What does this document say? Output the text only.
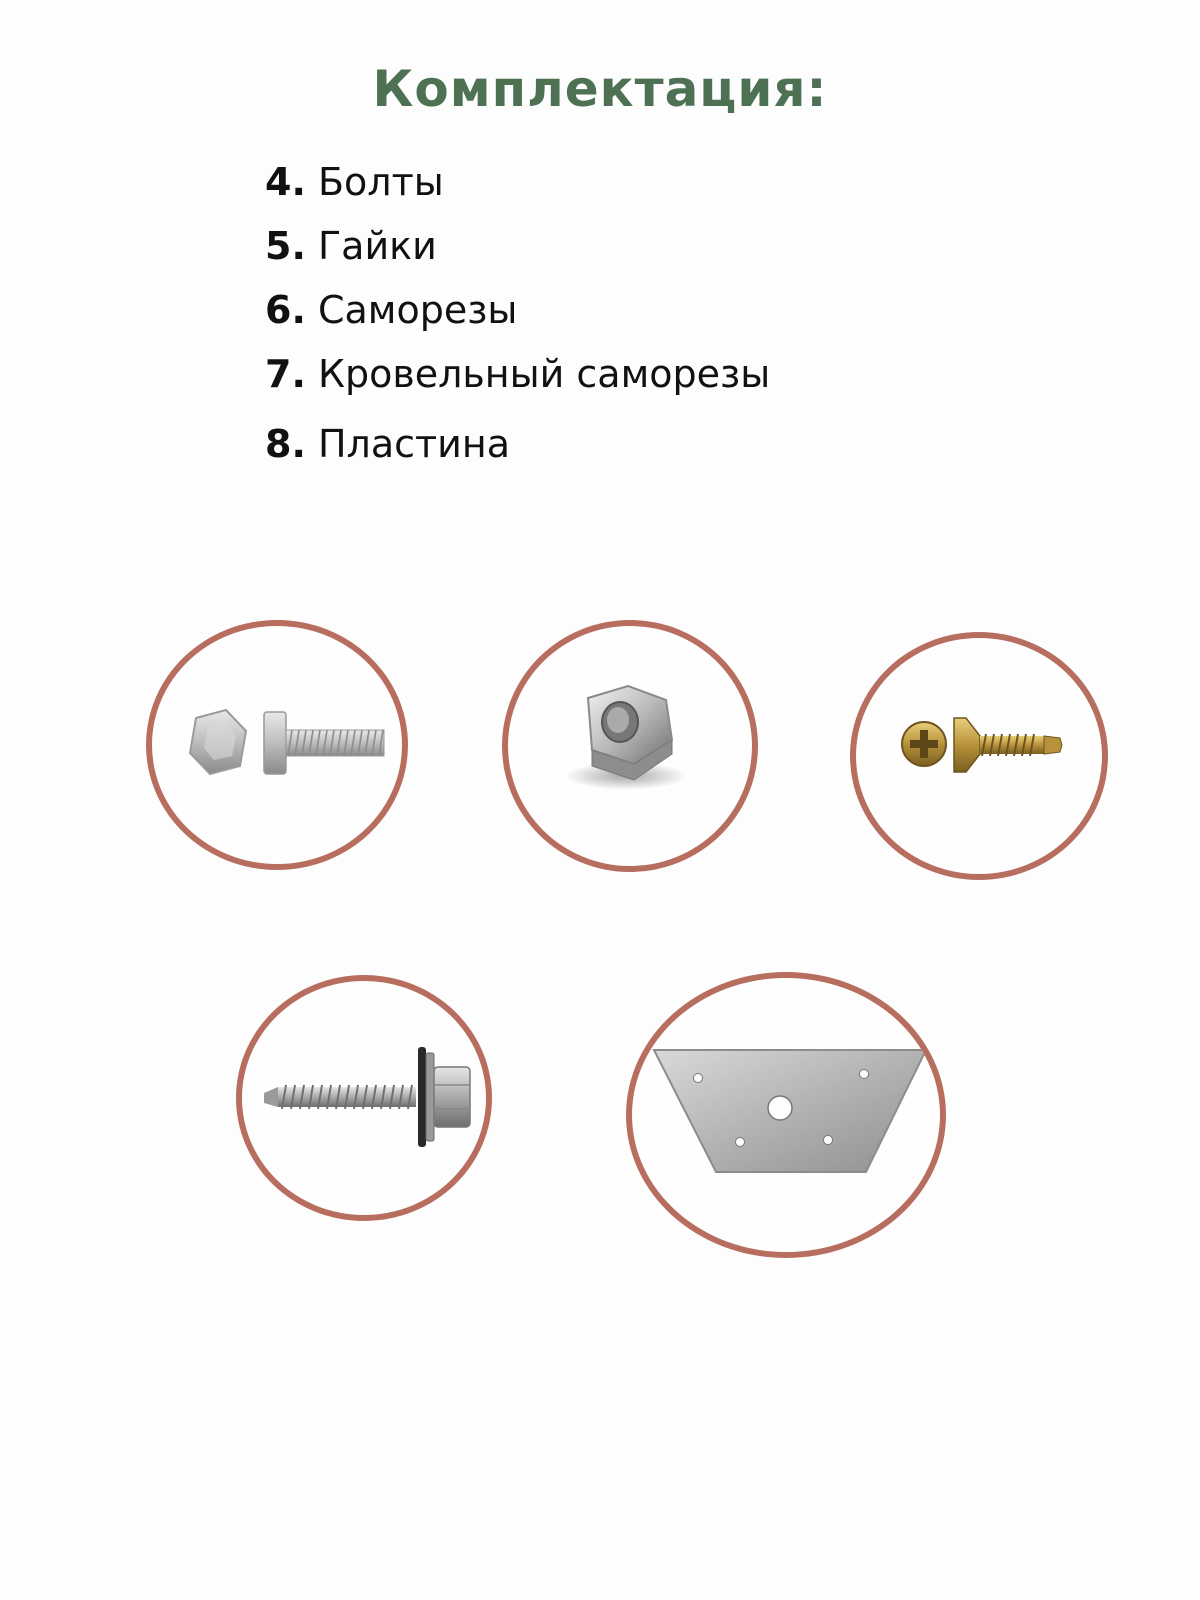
Комплектация:
4. Болты
5. Гайки
6. Саморезы
7. Кровельный саморезы
8. Пластина
